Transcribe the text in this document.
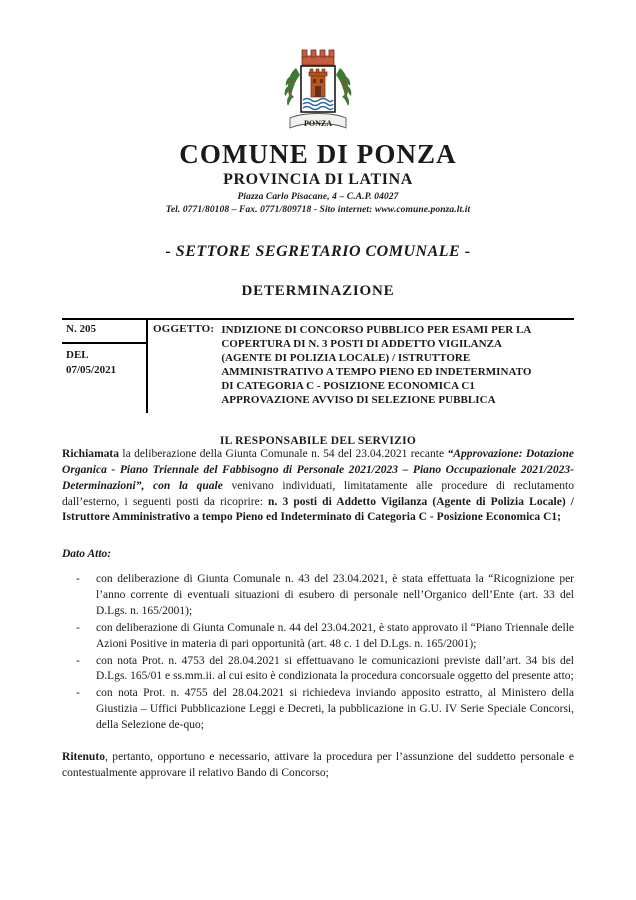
PONZA
COMUNE DI PONZA
PROVINCIA DI LATINA
Piazza Carlo Pisacane, 4 – C.A.P. 04027
Tel. 0771/80108 – Fax. 0771/809718 - Sito internet: www.comune.ponza.lt.it
- SETTORE SEGRETARIO COMUNALE -
DETERMINAZIONE
N. 205
DEL
07/05/2021
OGGETTO: INDIZIONE DI CONCORSO PUBBLICO PER ESAMI PER LA
COPERTURA DI N. 3 POSTI DI ADDETTO VIGILANZA
(AGENTE DI POLIZIA LOCALE) / ISTRUTTORE
AMMINISTRATIVO A TEMPO PIENO ED INDETERMINATO
DI CATEGORIA C - POSIZIONE ECONOMICA C1
APPROVAZIONE AVVISO DI SELEZIONE PUBBLICA
IL RESPONSABILE DEL SERVIZIO

Richiamata la deliberazione della Giunta Comunale n. 54 del 23.04.2021 recante “Approvazione: Dotazione Organica - Piano Triennale del Fabbisogno di Personale 2021/2023 – Piano Occupazionale 2021/2023- Determinazioni”, con la quale venivano individuati, limitatamente alle procedure di reclutamento dall’esterno, i seguenti posti da ricoprire: n. 3 posti di Addetto Vigilanza (Agente di Polizia Locale) / Istruttore Amministrativo a tempo Pieno ed Indeterminato di Categoria C - Posizione Economica C1;

Dato Atto:
-	con deliberazione di Giunta Comunale n. 43 del 23.04.2021, è stata effettuata la “Ricognizione per l’anno corrente di eventuali situazioni di esubero di personale nell’Organico dell’Ente (art. 33 del D.Lgs. n. 165/2001);
-	con deliberazione di Giunta Comunale n. 44 del 23.04.2021, è stato approvato il “Piano Triennale delle Azioni Positive in materia di pari opportunità (art. 48 c. 1 del D.Lgs. n. 165/2001);
-	con nota Prot. n. 4753 del 28.04.2021 si effettuavano le comunicazioni previste dall’art. 34 bis del D.Lgs. 165/01 e ss.mm.ii. al cui esito è condizionata la procedura concorsuale oggetto del presente atto;
-	con nota Prot. n. 4755 del 28.04.2021 si richiedeva inviando apposito estratto, al Ministero della Giustizia – Uffici Pubblicazione Leggi e Decreti, la pubblicazione in G.U. IV Serie Speciale Concorsi, della Selezione de-quo;

Ritenuto, pertanto, opportuno e necessario, attivare la procedura per l’assunzione del suddetto personale e contestualmente approvare il relativo Bando di Concorso;
